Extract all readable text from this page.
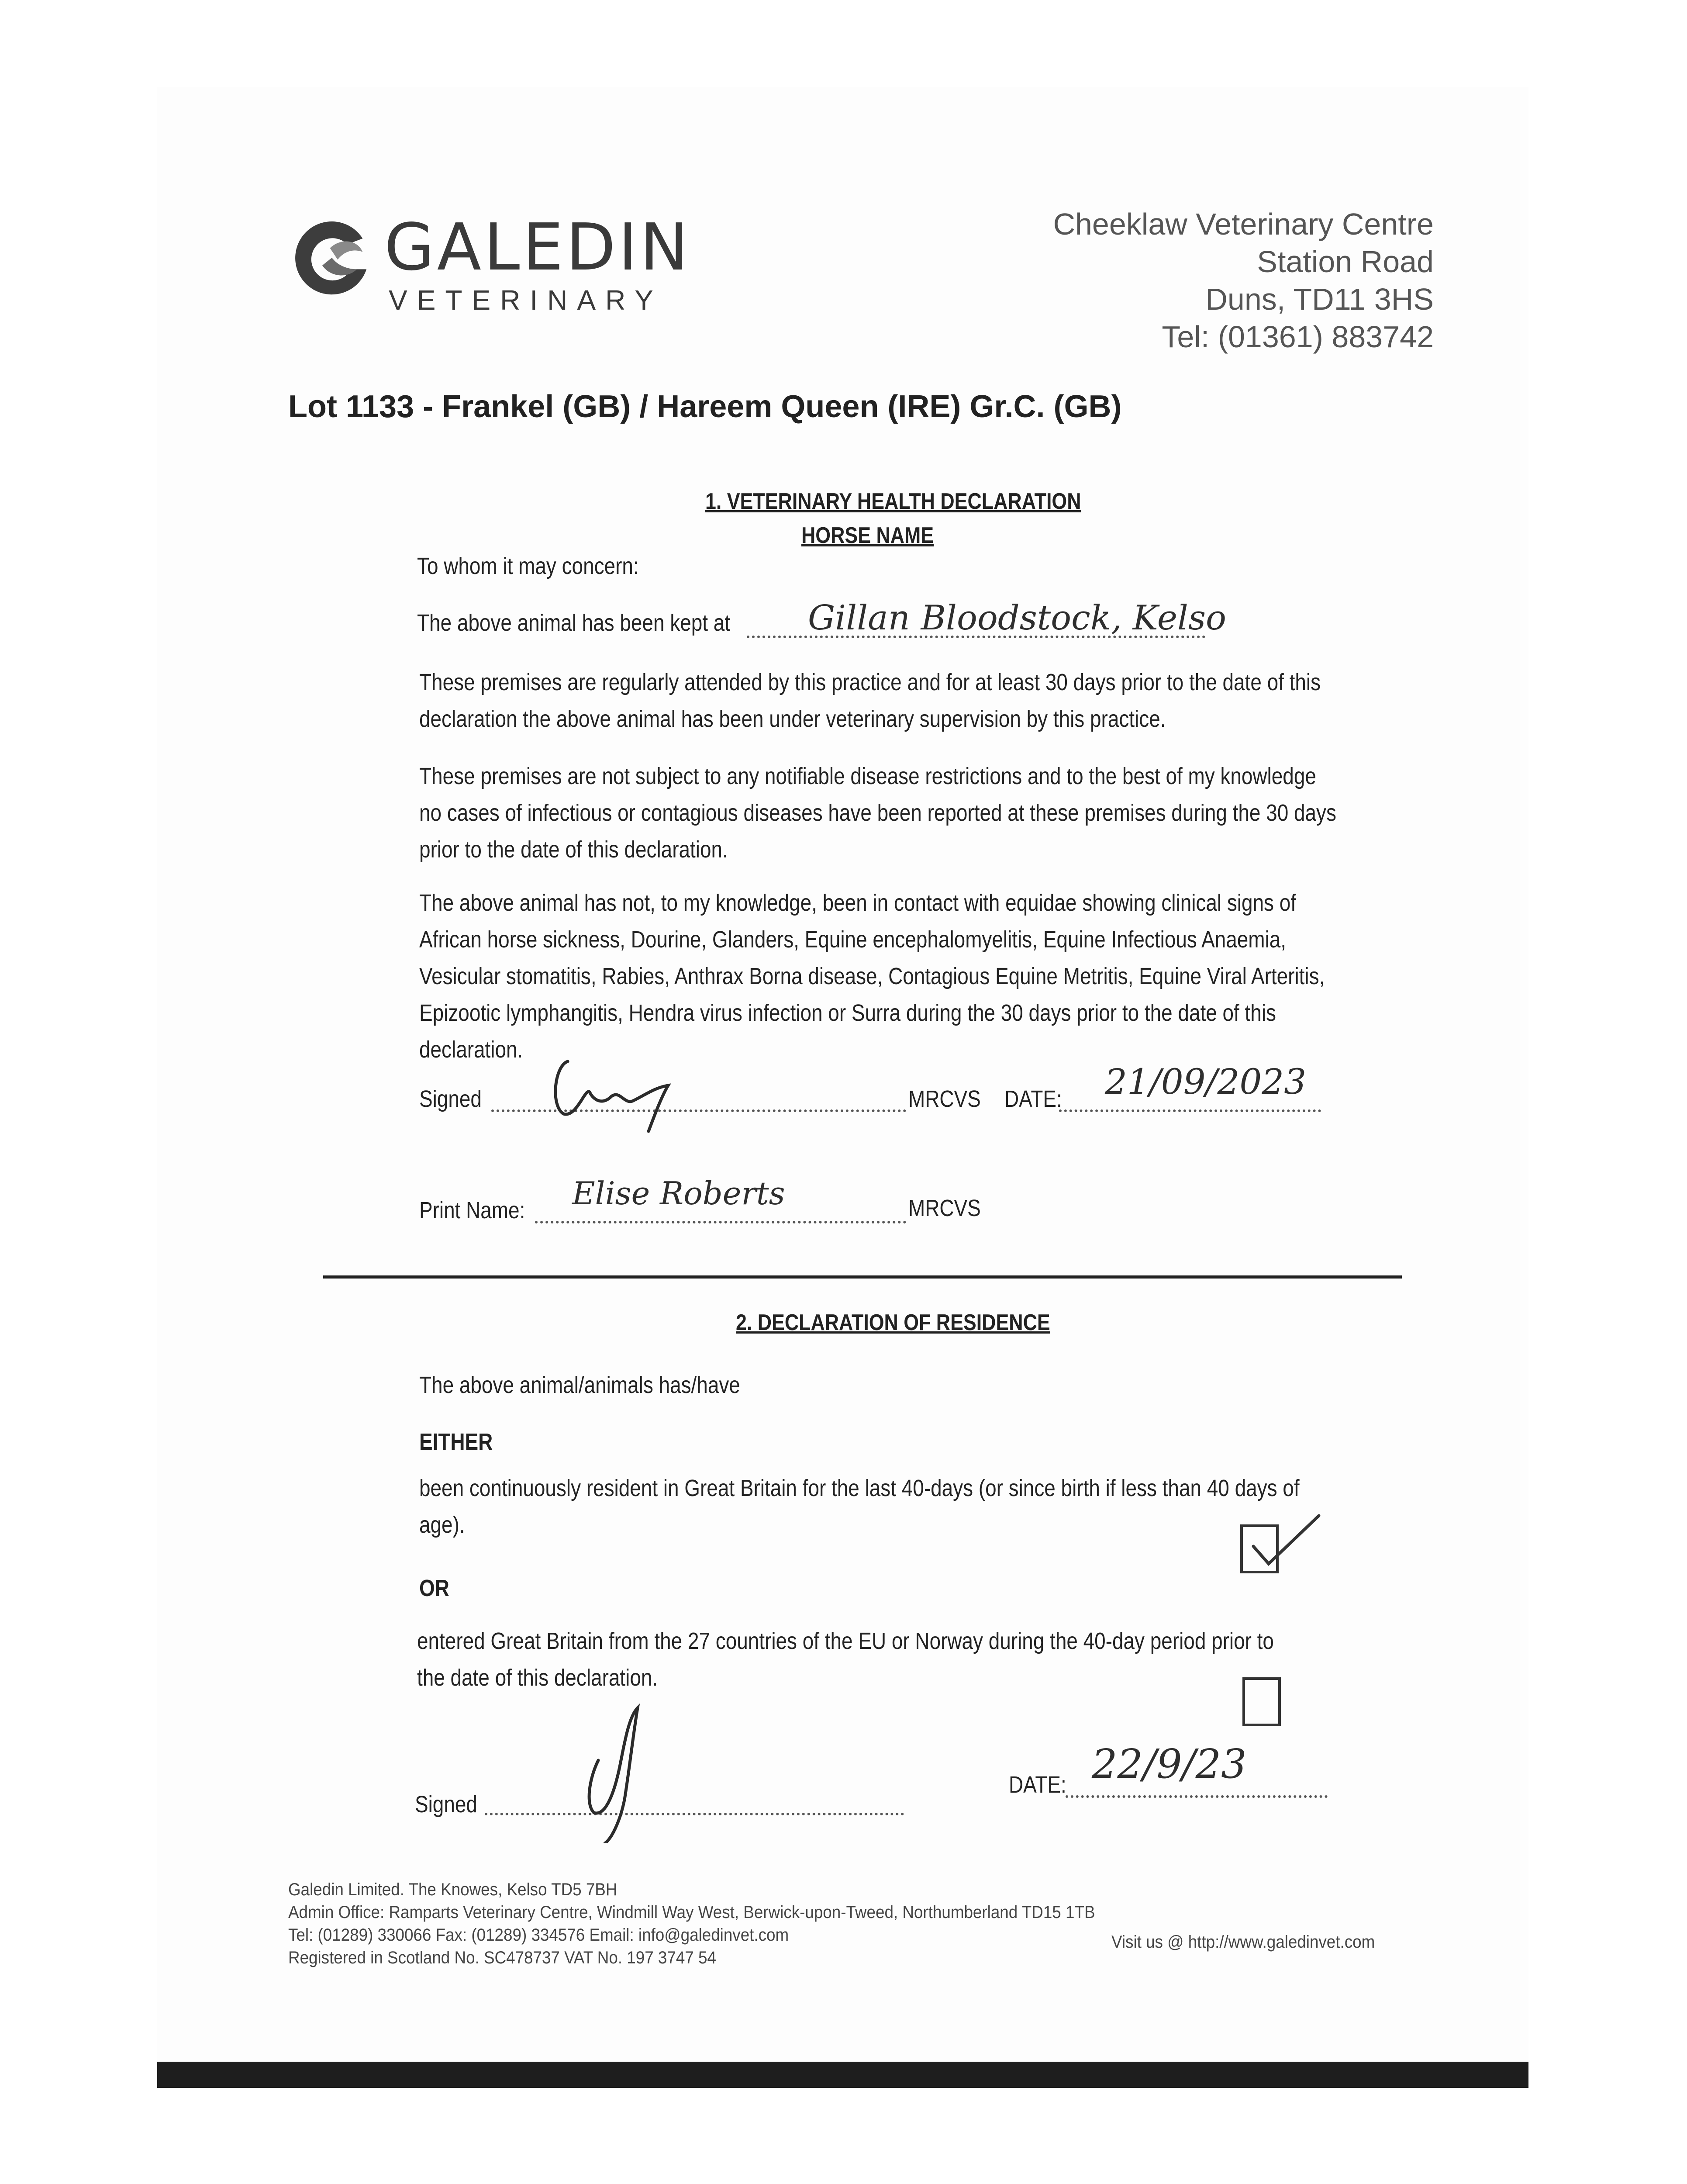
GALEDIN
VETERINARY
Cheeklaw Veterinary Centre
Station Road
Duns, TD11 3HS
Tel: (01361) 883742
Lot 1133 - Frankel (GB) / Hareem Queen (IRE) Gr.C. (GB)
1. VETERINARY HEALTH DECLARATION
HORSE NAME
To whom it may concern:
The above animal has been kept at Gillan Bloodstock, Kelso
These premises are regularly attended by this practice and for at least 30 days prior to the date of this
declaration the above animal has been under veterinary supervision by this practice.
These premises are not subject to any notifiable disease restrictions and to the best of my knowledge
no cases of infectious or contagious diseases have been reported at these premises during the 30 days
prior to the date of this declaration.
The above animal has not, to my knowledge, been in contact with equidae showing clinical signs of
African horse sickness, Dourine, Glanders, Equine encephalomyelitis, Equine Infectious Anaemia,
Vesicular stomatitis, Rabies, Anthrax Borna disease, Contagious Equine Metritis, Equine Viral Arteritis,
Epizootic lymphangitis, Hendra virus infection or Surra during the 30 days prior to the date of this
declaration.
Signed	MRCVS DATE: 21/09/2023
Print Name: Elise Roberts	MRCVS
2. DECLARATION OF RESIDENCE
The above animal/animals has/have
EITHER
been continuously resident in Great Britain for the last 40-days (or since birth if less than 40 days of
age).
OR
entered Great Britain from the 27 countries of the EU or Norway during the 40-day period prior to
the date of this declaration.
Signed
DATE: 22/9/23
Galedin Limited. The Knowes, Kelso TD5 7BH
Admin Office: Ramparts Veterinary Centre, Windmill Way West, Berwick-upon-Tweed, Northumberland TD15 1TB
Tel: (01289) 330066 Fax: (01289) 334576 Email: info@galedinvet.com
Registered in Scotland No. SC478737 VAT No. 197 3747 54
Visit us @ http://www.galedinvet.com
